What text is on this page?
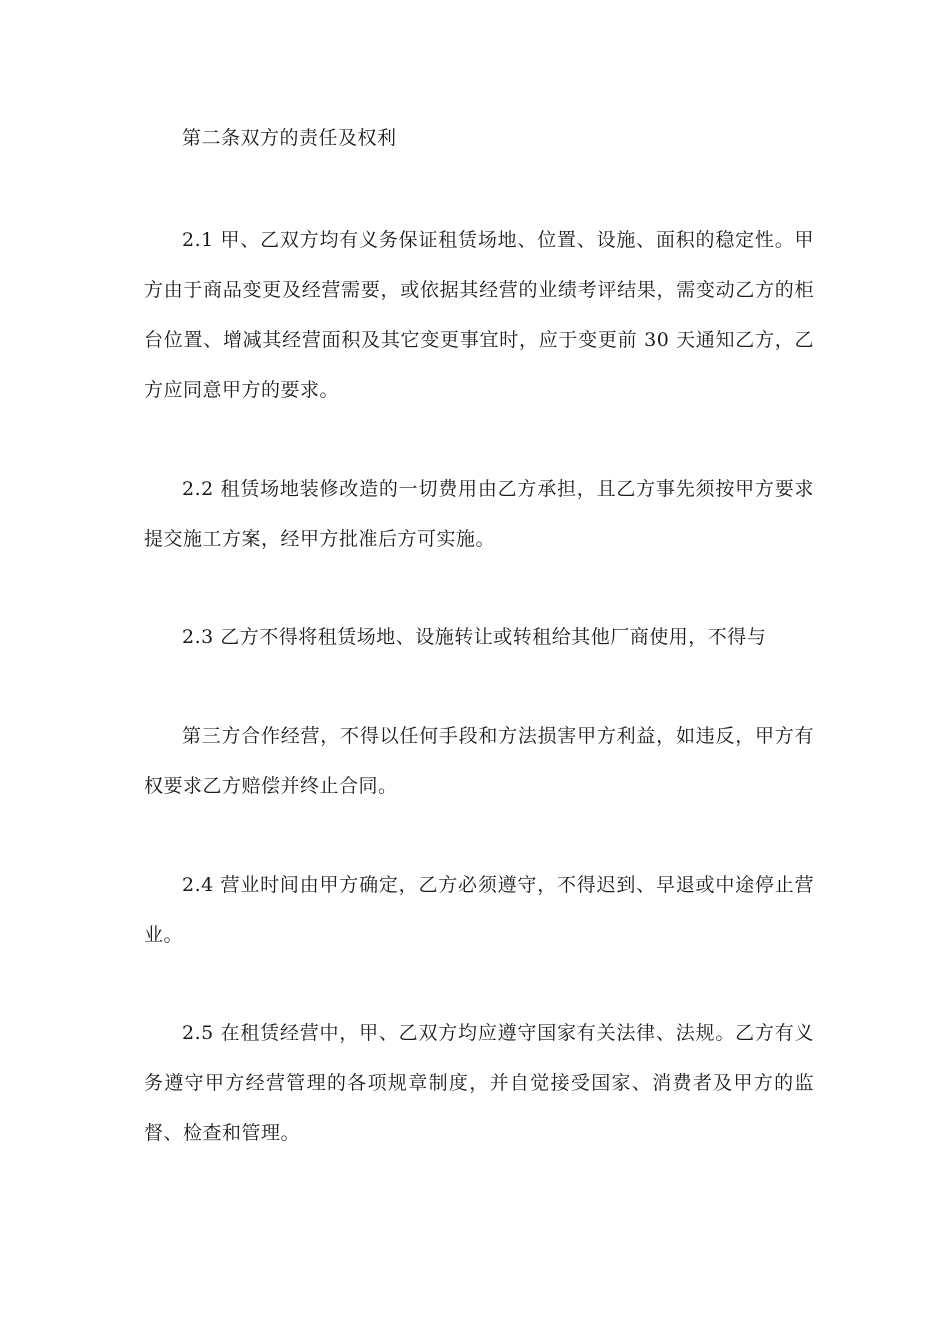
第二条双方的责任及权利

2.1 甲、乙双方均有义务保证租赁场地、位置、设施、面积的稳定性。甲方由于商品变更及经营需要，或依据其经营的业绩考评结果，需变动乙方的柜台位置、增减其经营面积及其它变更事宜时，应于变更前 30 天通知乙方，乙方应同意甲方的要求。

2.2 租赁场地装修改造的一切费用由乙方承担，且乙方事先须按甲方要求提交施工方案，经甲方批准后方可实施。

2.3 乙方不得将租赁场地、设施转让或转租给其他厂商使用，不得与

第三方合作经营，不得以任何手段和方法损害甲方利益，如违反，甲方有权要求乙方赔偿并终止合同。

2.4 营业时间由甲方确定，乙方必须遵守，不得迟到、早退或中途停止营业。

2.5 在租赁经营中，甲、乙双方均应遵守国家有关法律、法规。乙方有义务遵守甲方经营管理的各项规章制度，并自觉接受国家、消费者及甲方的监督、检查和管理。
